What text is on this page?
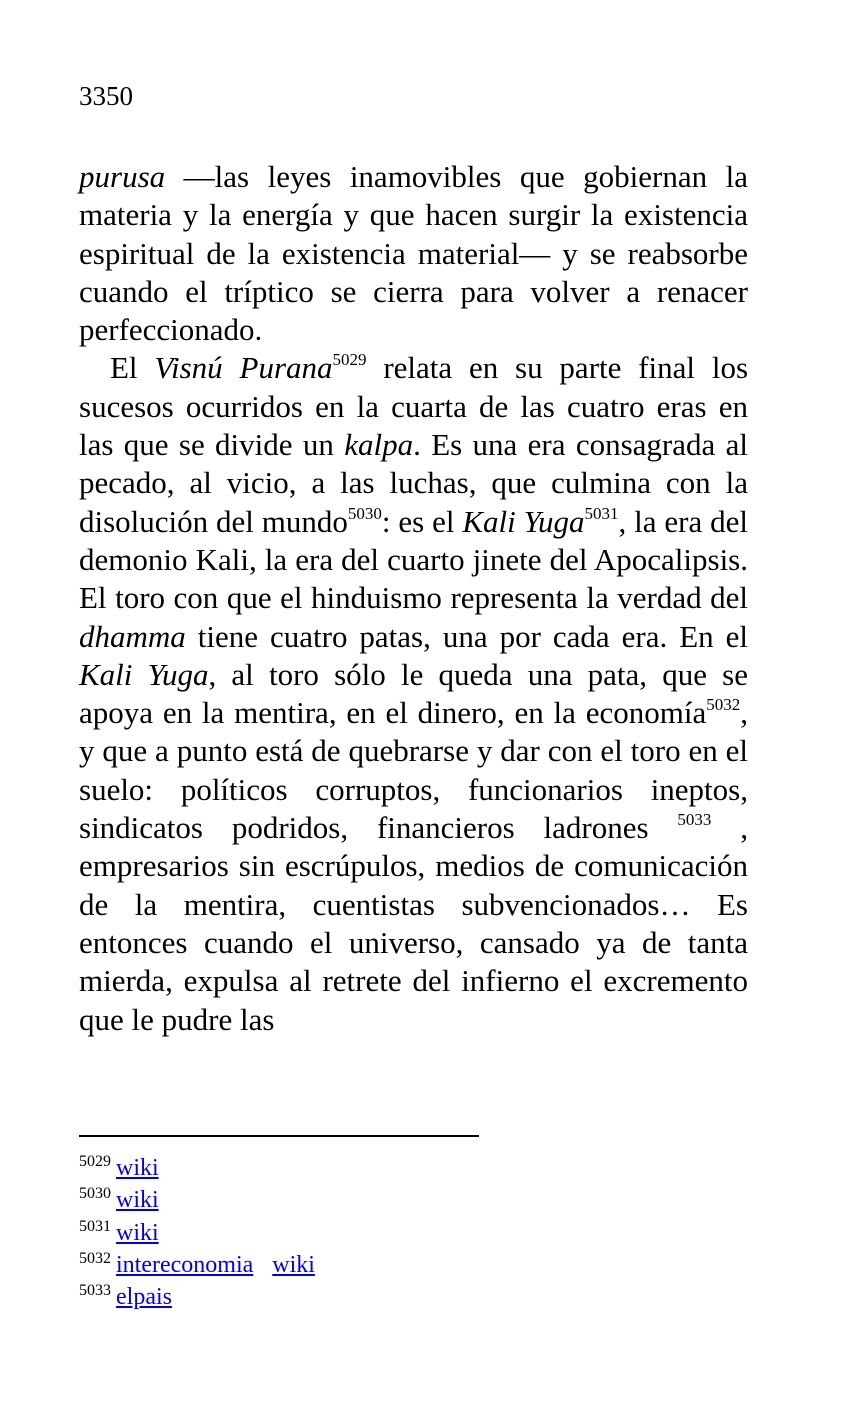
3350

purusa —las leyes inamovibles que gobiernan la materia y la energía y que hacen surgir la existencia espiritual de la existencia material— y se reabsorbe cuando el tríptico se cierra para volver a renacer perfeccionado.

El Visnú Purana$^{5029}$ relata en su parte final los sucesos ocurridos en la cuarta de las cuatro eras en las que se divide un kalpa. Es una era consagrada al pecado, al vicio, a las luchas, que culmina con la disolución del mundo$^{5030}$: es el Kali Yuga$^{5031}$, la era del demonio Kali, la era del cuarto jinete del Apocalipsis. El toro con que el hinduismo representa la verdad del dhamma tiene cuatro patas, una por cada era. En el Kali Yuga, al toro sólo le queda una pata, que se apoya en la mentira, en el dinero, en la economía$^{5032}$, y que a punto está de quebrarse y dar con el toro en el suelo: políticos corruptos, funcionarios ineptos, sindicatos podridos, financieros ladrones $^{5033}$ , empresarios sin escrúpulos, medios de comunicación de la mentira, cuentistas subvencionados… Es entonces cuando el universo, cansado ya de tanta mierda, expulsa al retrete del infierno el excremento que le pudre las

$^{5029}$ wiki
$^{5030}$ wiki
$^{5031}$ wiki
$^{5032}$ intereconomia wiki
$^{5033}$ elpais
